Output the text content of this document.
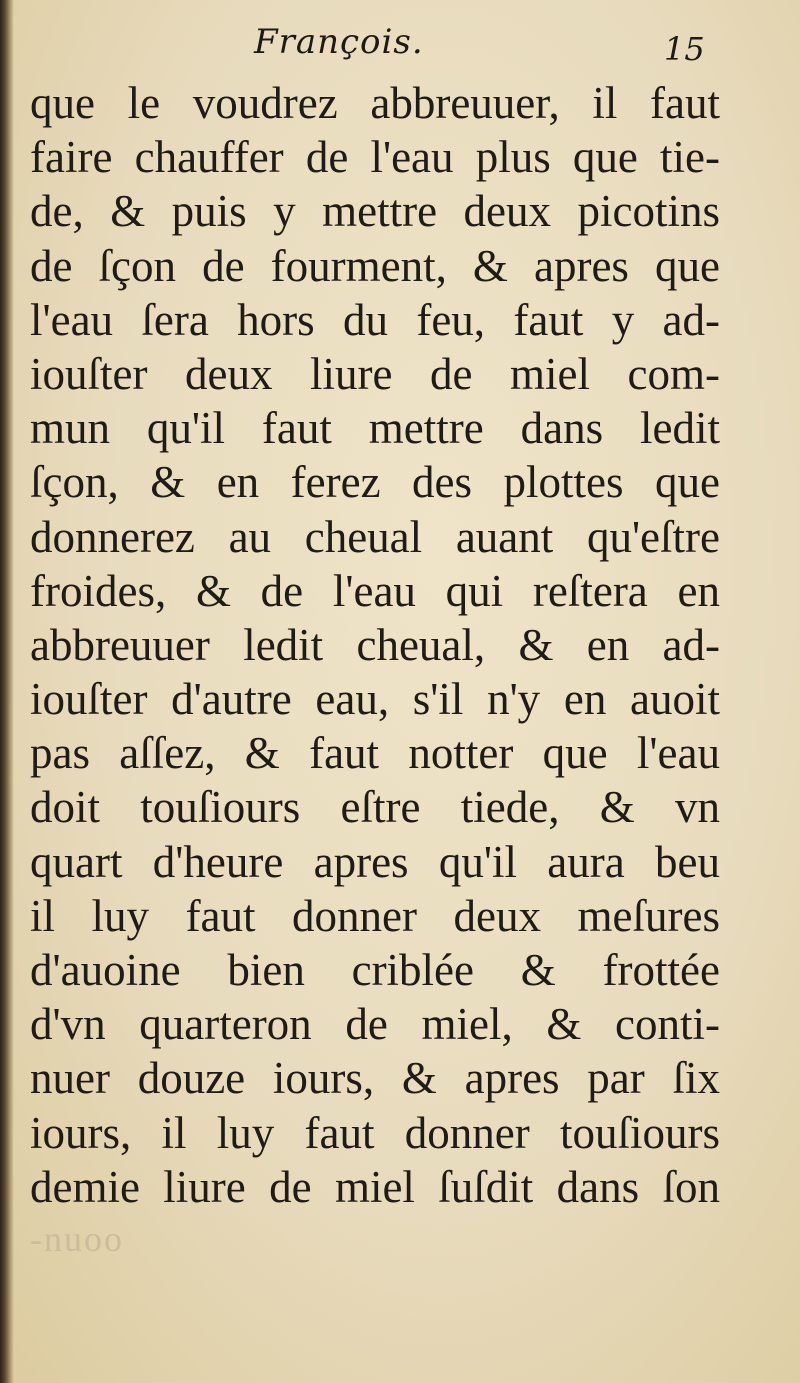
François.	15
que le voudrez abbreuuer, il faut
faire chauffer de l'eau plus que tie-
de, & puis y mettre deux picotins
de ſçon de fourment, & apres que
l'eau ſera hors du feu, faut y ad-
iouſter deux liure de miel com-
mun qu'il faut mettre dans ledit
ſçon, & en ferez des plottes que
donnerez au cheual auant qu'eſtre
froides, & de l'eau qui reſtera en
abbreuuer ledit cheual, & en ad-
iouſter d'autre eau, s'il n'y en auoit
pas aſſez, & faut notter que l'eau
doit touſiours eſtre tiede, & vn
quart d'heure apres qu'il aura beu
il luy faut donner deux meſures
d'auoine bien criblée & frottée
d'vn quarteron de miel, & conti-
nuer douze iours, & apres par ſix
iours, il luy faut donner touſiours
demie liure de miel ſuſdit dans ſon
-nuoo
